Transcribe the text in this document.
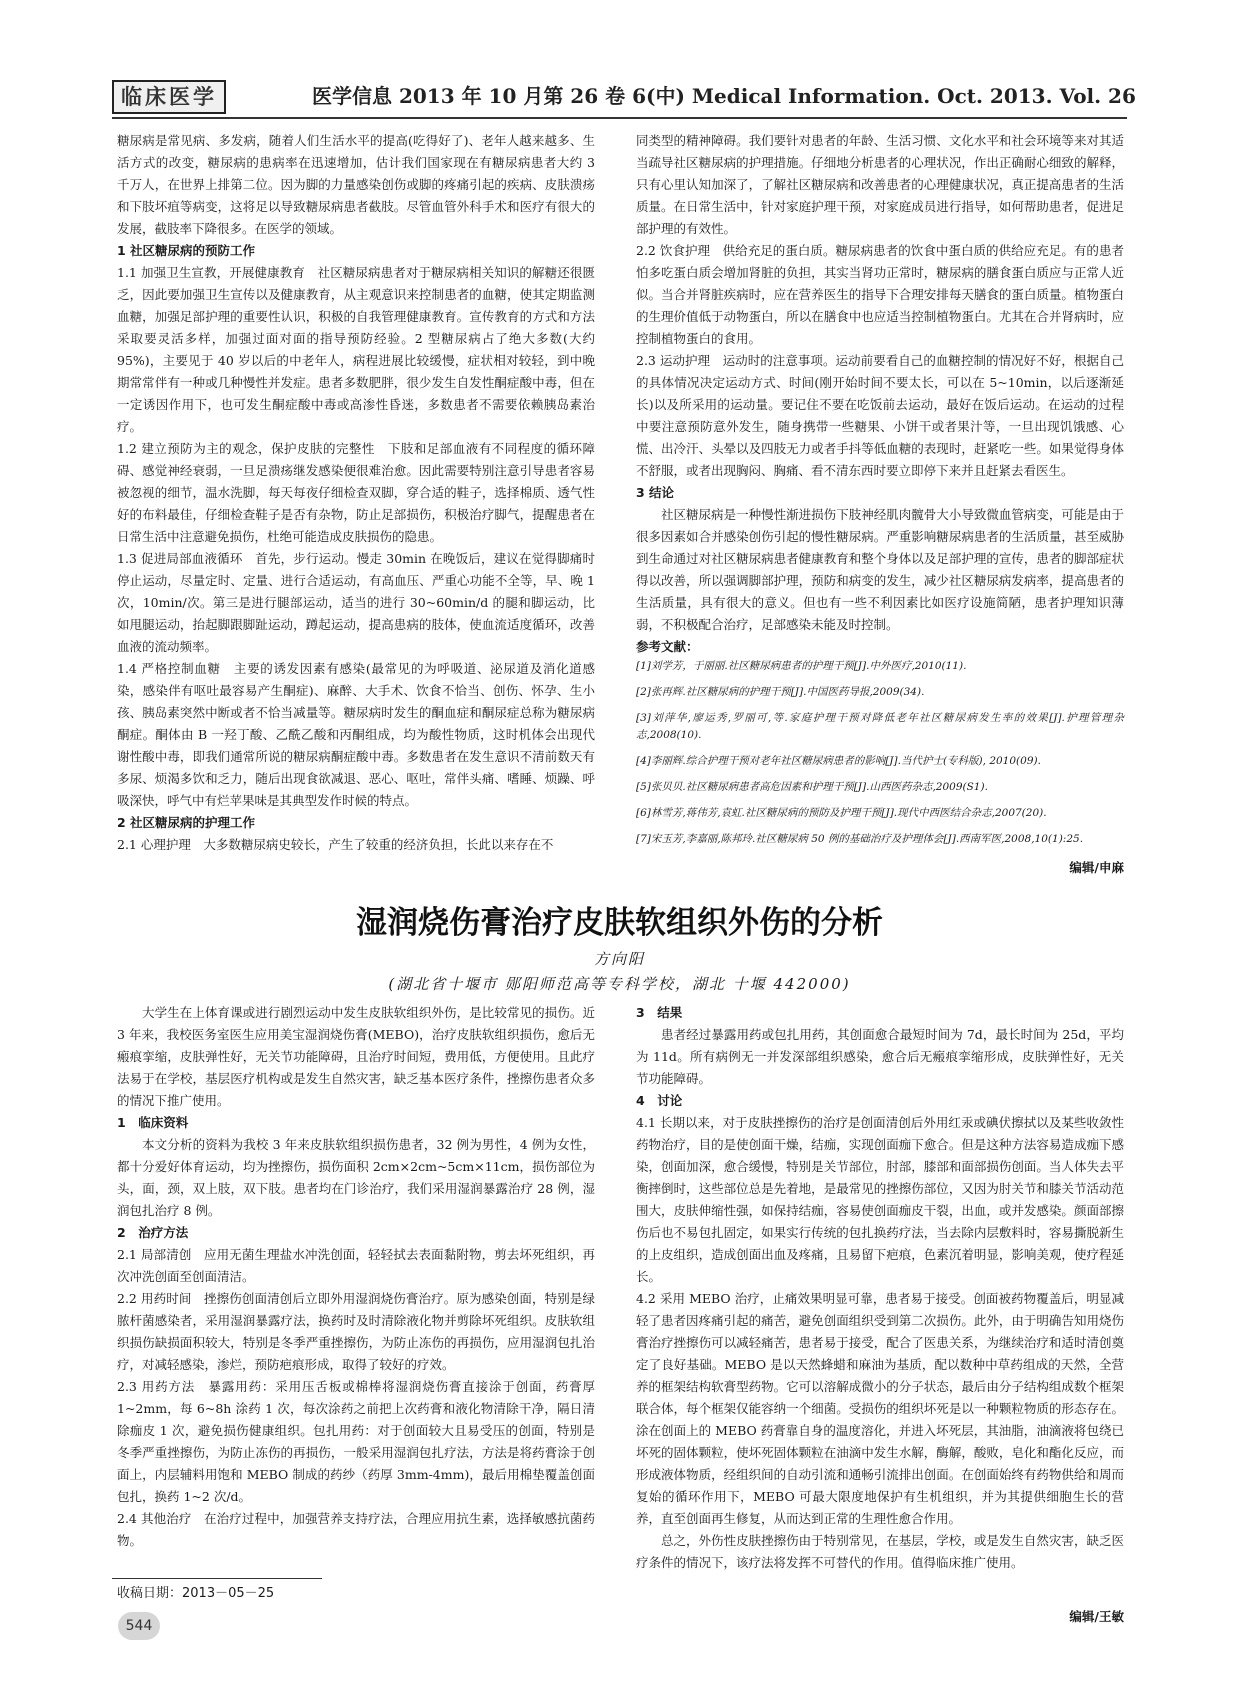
临床医学	医学信息 2013 年 10 月第 26 卷 6(中) Medical Information. Oct. 2013. Vol. 26

糖尿病是常见病、多发病，随着人们生活水平的提高(吃得好了)、老年人越来越多、生活方式的改变，糖尿病的患病率在迅速增加，估计我们国家现在有糖尿病患者大约 3 千万人，在世界上排第二位。因为脚的力量感染创伤或脚的疼痛引起的疾病、皮肤溃疡和下肢坏疽等病变，这将足以导致糖尿病患者截肢。尽管血管外科手术和医疗有很大的发展，截肢率下降很多。在医学的领域。

1 社区糖尿病的预防工作

1.1 加强卫生宣教，开展健康教育　社区糖尿病患者对于糖尿病相关知识的解糖还很匮乏，因此要加强卫生宣传以及健康教育，从主观意识来控制患者的血糖，使其定期监测血糖，加强足部护理的重要性认识，积极的自我管理健康教育。宣传教育的方式和方法采取要灵活多样，加强过面对面的指导预防经验。2 型糖尿病占了绝大多数(大约 95%)，主要见于 40 岁以后的中老年人，病程进展比较缓慢，症状相对较轻，到中晚期常常伴有一种或几种慢性并发症。患者多数肥胖，很少发生自发性酮症酸中毒，但在一定诱因作用下，也可发生酮症酸中毒或高渗性昏迷，多数患者不需要依赖胰岛素治疗。

1.2 建立预防为主的观念，保护皮肤的完整性　下肢和足部血液有不同程度的循环障碍、感觉神经衰弱，一旦足溃疡继发感染便很难治愈。因此需要特别注意引导患者容易被忽视的细节，温水洗脚，每天每夜仔细检查双脚，穿合适的鞋子，选择棉质、透气性好的布料最佳，仔细检查鞋子是否有杂物，防止足部损伤，积极治疗脚气，提醒患者在日常生活中注意避免损伤，杜绝可能造成皮肤损伤的隐患。

1.3 促进局部血液循环　首先，步行运动。慢走 30min 在晚饭后，建议在觉得脚痛时停止运动，尽量定时、定量、进行合适运动，有高血压、严重心功能不全等，早、晚 1 次，10min/次。第三是进行腿部运动，适当的进行 30~60min/d 的腿和脚运动，比如甩腿运动，抬起脚跟脚趾运动，蹲起运动，提高患病的肢体，使血流适度循环，改善血液的流动频率。

1.4 严格控制血糖　主要的诱发因素有感染(最常见的为呼吸道、泌尿道及消化道感染，感染伴有呕吐最容易产生酮症)、麻醉、大手术、饮食不恰当、创伤、怀孕、生小孩、胰岛素突然中断或者不恰当减量等。糖尿病时发生的酮血症和酮尿症总称为糖尿病酮症。酮体由 B 一羟丁酸、乙酰乙酸和丙酮组成，均为酸性物质，这时机体会出现代谢性酸中毒，即我们通常所说的糖尿病酮症酸中毒。多数患者在发生意识不清前数天有多尿、烦渴多饮和乏力，随后出现食欲减退、恶心、呕吐，常伴头痛、嗜睡、烦躁、呼吸深快，呼气中有烂苹果味是其典型发作时候的特点。

2 社区糖尿病的护理工作

2.1 心理护理　大多数糖尿病史较长，产生了较重的经济负担，长此以来存在不

同类型的精神障碍。我们要针对患者的年龄、生活习惯、文化水平和社会环境等来对其适当疏导社区糖尿病的护理措施。仔细地分析患者的心理状况，作出正确耐心细致的解释，只有心里认知加深了，了解社区糖尿病和改善患者的心理健康状况，真正提高患者的生活质量。在日常生活中，针对家庭护理干预，对家庭成员进行指导，如何帮助患者，促进足部护理的有效性。

2.2 饮食护理　供给充足的蛋白质。糖尿病患者的饮食中蛋白质的供给应充足。有的患者怕多吃蛋白质会增加肾脏的负担，其实当肾功正常时，糖尿病的膳食蛋白质应与正常人近似。当合并肾脏疾病时，应在营养医生的指导下合理安排每天膳食的蛋白质量。植物蛋白的生理价值低于动物蛋白，所以在膳食中也应适当控制植物蛋白。尤其在合并肾病时，应控制植物蛋白的食用。

2.3 运动护理　运动时的注意事项。运动前要看自己的血糖控制的情况好不好，根据自己的具体情况决定运动方式、时间(刚开始时间不要太长，可以在 5~10min，以后逐渐延长)以及所采用的运动量。要记住不要在吃饭前去运动，最好在饭后运动。在运动的过程中要注意预防意外发生，随身携带一些糖果、小饼干或者果汁等，一旦出现饥饿感、心慌、出冷汗、头晕以及四肢无力或者手抖等低血糖的表现时，赶紧吃一些。如果觉得身体不舒服，或者出现胸闷、胸痛、看不清东西时要立即停下来并且赶紧去看医生。

3 结论

社区糖尿病是一种慢性渐进损伤下肢神经肌肉髋骨大小导致微血管病变，可能是由于很多因素如合并感染创伤引起的慢性糖尿病。严重影响糖尿病患者的生活质量，甚至威胁到生命通过对社区糖尿病患者健康教育和整个身体以及足部护理的宣传，患者的脚部症状得以改善，所以强调脚部护理，预防和病变的发生，减少社区糖尿病发病率，提高患者的生活质量，具有很大的意义。但也有一些不利因素比如医疗设施简陋，患者护理知识薄弱，不积极配合治疗，足部感染未能及时控制。

参考文献：

[1]刘学芳，于丽丽.社区糖尿病患者的护理干预[J].中外医疗,2010(11).

[2]张再辉.社区糖尿病的护理干预[J].中国医药导报,2009(34).

[3]刘萍华,廖运秀,罗丽可,等.家庭护理干预对降低老年社区糖尿病发生率的效果[J].护理管理杂志,2008(10).

[4]李丽辉.综合护理干预对老年社区糖尿病患者的影响[J].当代护士(专科版), 2010(09).

[5]张贝贝.社区糖尿病患者高危因素和护理干预[J].山西医药杂志,2009(S1).

[6]林雪芳,蒋伟芳,袁虹.社区糖尿病的预防及护理干预[J].现代中西医结合杂志,2007(20).

[7]宋玉芳,李嘉丽,陈邦玲.社区糖尿病 50 例的基础治疗及护理体会[J].西南军医,2008,10(1):25.

编辑/申麻
湿润烧伤膏治疗皮肤软组织外伤的分析
方向阳
(湖北省十堰市 郧阳师范高等专科学校，湖北 十堰 442000)

大学生在上体育课或进行剧烈运动中发生皮肤软组织外伤，是比较常见的损伤。近 3 年来，我校医务室医生应用美宝湿润烧伤膏(MEBO)，治疗皮肤软组织损伤，愈后无瘢痕挛缩，皮肤弹性好，无关节功能障碍，且治疗时间短，费用低，方便使用。且此疗法易于在学校，基层医疗机构或是发生自然灾害，缺乏基本医疗条件，挫擦伤患者众多的情况下推广使用。

1　临床资料

本文分析的资料为我校 3 年来皮肤软组织损伤患者，32 例为男性，4 例为女性，都十分爱好体育运动，均为挫擦伤，损伤面积 2cm×2cm~5cm×11cm，损伤部位为头，面，颈，双上肢，双下肢。患者均在门诊治疗，我们采用湿润暴露治疗 28 例，湿润包扎治疗 8 例。

2　治疗方法

2.1 局部清创　应用无菌生理盐水冲洗创面，轻轻拭去表面黏附物，剪去坏死组织，再次冲洗创面至创面清洁。

2.2 用药时间　挫擦伤创面清创后立即外用湿润烧伤膏治疗。原为感染创面，特别是绿脓杆菌感染者，采用湿润暴露疗法，换药时及时清除液化物并剪除坏死组织。皮肤软组织损伤缺损面积较大，特别是冬季严重挫擦伤，为防止冻伤的再损伤，应用湿润包扎治疗，对减轻感染，渗烂，预防疤痕形成，取得了较好的疗效。

2.3 用药方法　暴露用药：采用压舌板或棉棒将湿润烧伤膏直接涂于创面，药膏厚 1~2mm，每 6~8h 涂药 1 次，每次涂药之前把上次药膏和液化物清除干净，隔日清除痂皮 1 次，避免损伤健康组织。包扎用药：对于创面较大且易受压的创面，特别是冬季严重挫擦伤，为防止冻伤的再损伤，一般采用湿润包扎疗法，方法是将药膏涂于创面上，内层辅料用饱和 MEBO 制成的药纱（药厚 3mm-4mm)，最后用棉垫覆盖创面包扎，换药 1~2 次/d。

2.4 其他治疗　在治疗过程中，加强营养支持疗法，合理应用抗生素，选择敏感抗菌药物。

3　结果

患者经过暴露用药或包扎用药，其创面愈合最短时间为 7d，最长时间为 25d，平均为 11d。所有病例无一并发深部组织感染，愈合后无瘢痕挛缩形成，皮肤弹性好，无关节功能障碍。

4　讨论

4.1 长期以来，对于皮肤挫擦伤的治疗是创面清创后外用红汞或碘伏擦拭以及某些收敛性药物治疗，目的是使创面干燥，结痂，实现创面痂下愈合。但是这种方法容易造成痂下感染，创面加深，愈合缓慢，特别是关节部位，肘部，膝部和面部损伤创面。当人体失去平衡摔倒时，这些部位总是先着地，是最常见的挫擦伤部位，又因为肘关节和膝关节活动范围大，皮肤伸缩性强，如保持结痂，容易使创面痂皮干裂，出血，或并发感染。颜面部擦伤后也不易包扎固定，如果实行传统的包扎换药疗法，当去除内层敷料时，容易撕脱新生的上皮组织，造成创面出血及疼痛，且易留下疤痕，色素沉着明显，影响美观，使疗程延长。

4.2 采用 MEBO 治疗，止痛效果明显可靠，患者易于接受。创面被药物覆盖后，明显减轻了患者因疼痛引起的痛苦，避免创面组织受到第二次损伤。此外，由于明确告知用烧伤膏治疗挫擦伤可以减轻痛苦，患者易于接受，配合了医患关系，为继续治疗和适时清创奠定了良好基础。MEBO 是以天然蜂蜡和麻油为基质，配以数种中草药组成的天然，全营养的框架结构软膏型药物。它可以溶解成微小的分子状态，最后由分子结构组成数个框架联合体，每个框架仅能容纳一个细菌。受损伤的组织坏死是以一种颗粒物质的形态存在。涂在创面上的 MEBO 药膏靠自身的温度溶化，并进入坏死层，其油脂，油滴液将包绕已坏死的固体颗粒，使坏死固体颗粒在油滴中发生水解，酶解，酸败，皂化和酯化反应，而形成液体物质，经组织间的自动引流和通畅引流排出创面。在创面始终有药物供给和周而复始的循环作用下，MEBO 可最大限度地保护有生机组织，并为其提供细胞生长的营养，直至创面再生修复，从而达到正常的生理性愈合作用。

总之，外伤性皮肤挫擦伤由于特别常见，在基层，学校，或是发生自然灾害，缺乏医疗条件的情况下，该疗法将发挥不可替代的作用。值得临床推广使用。

收稿日期：2013－05－25
544
编辑/王敏
